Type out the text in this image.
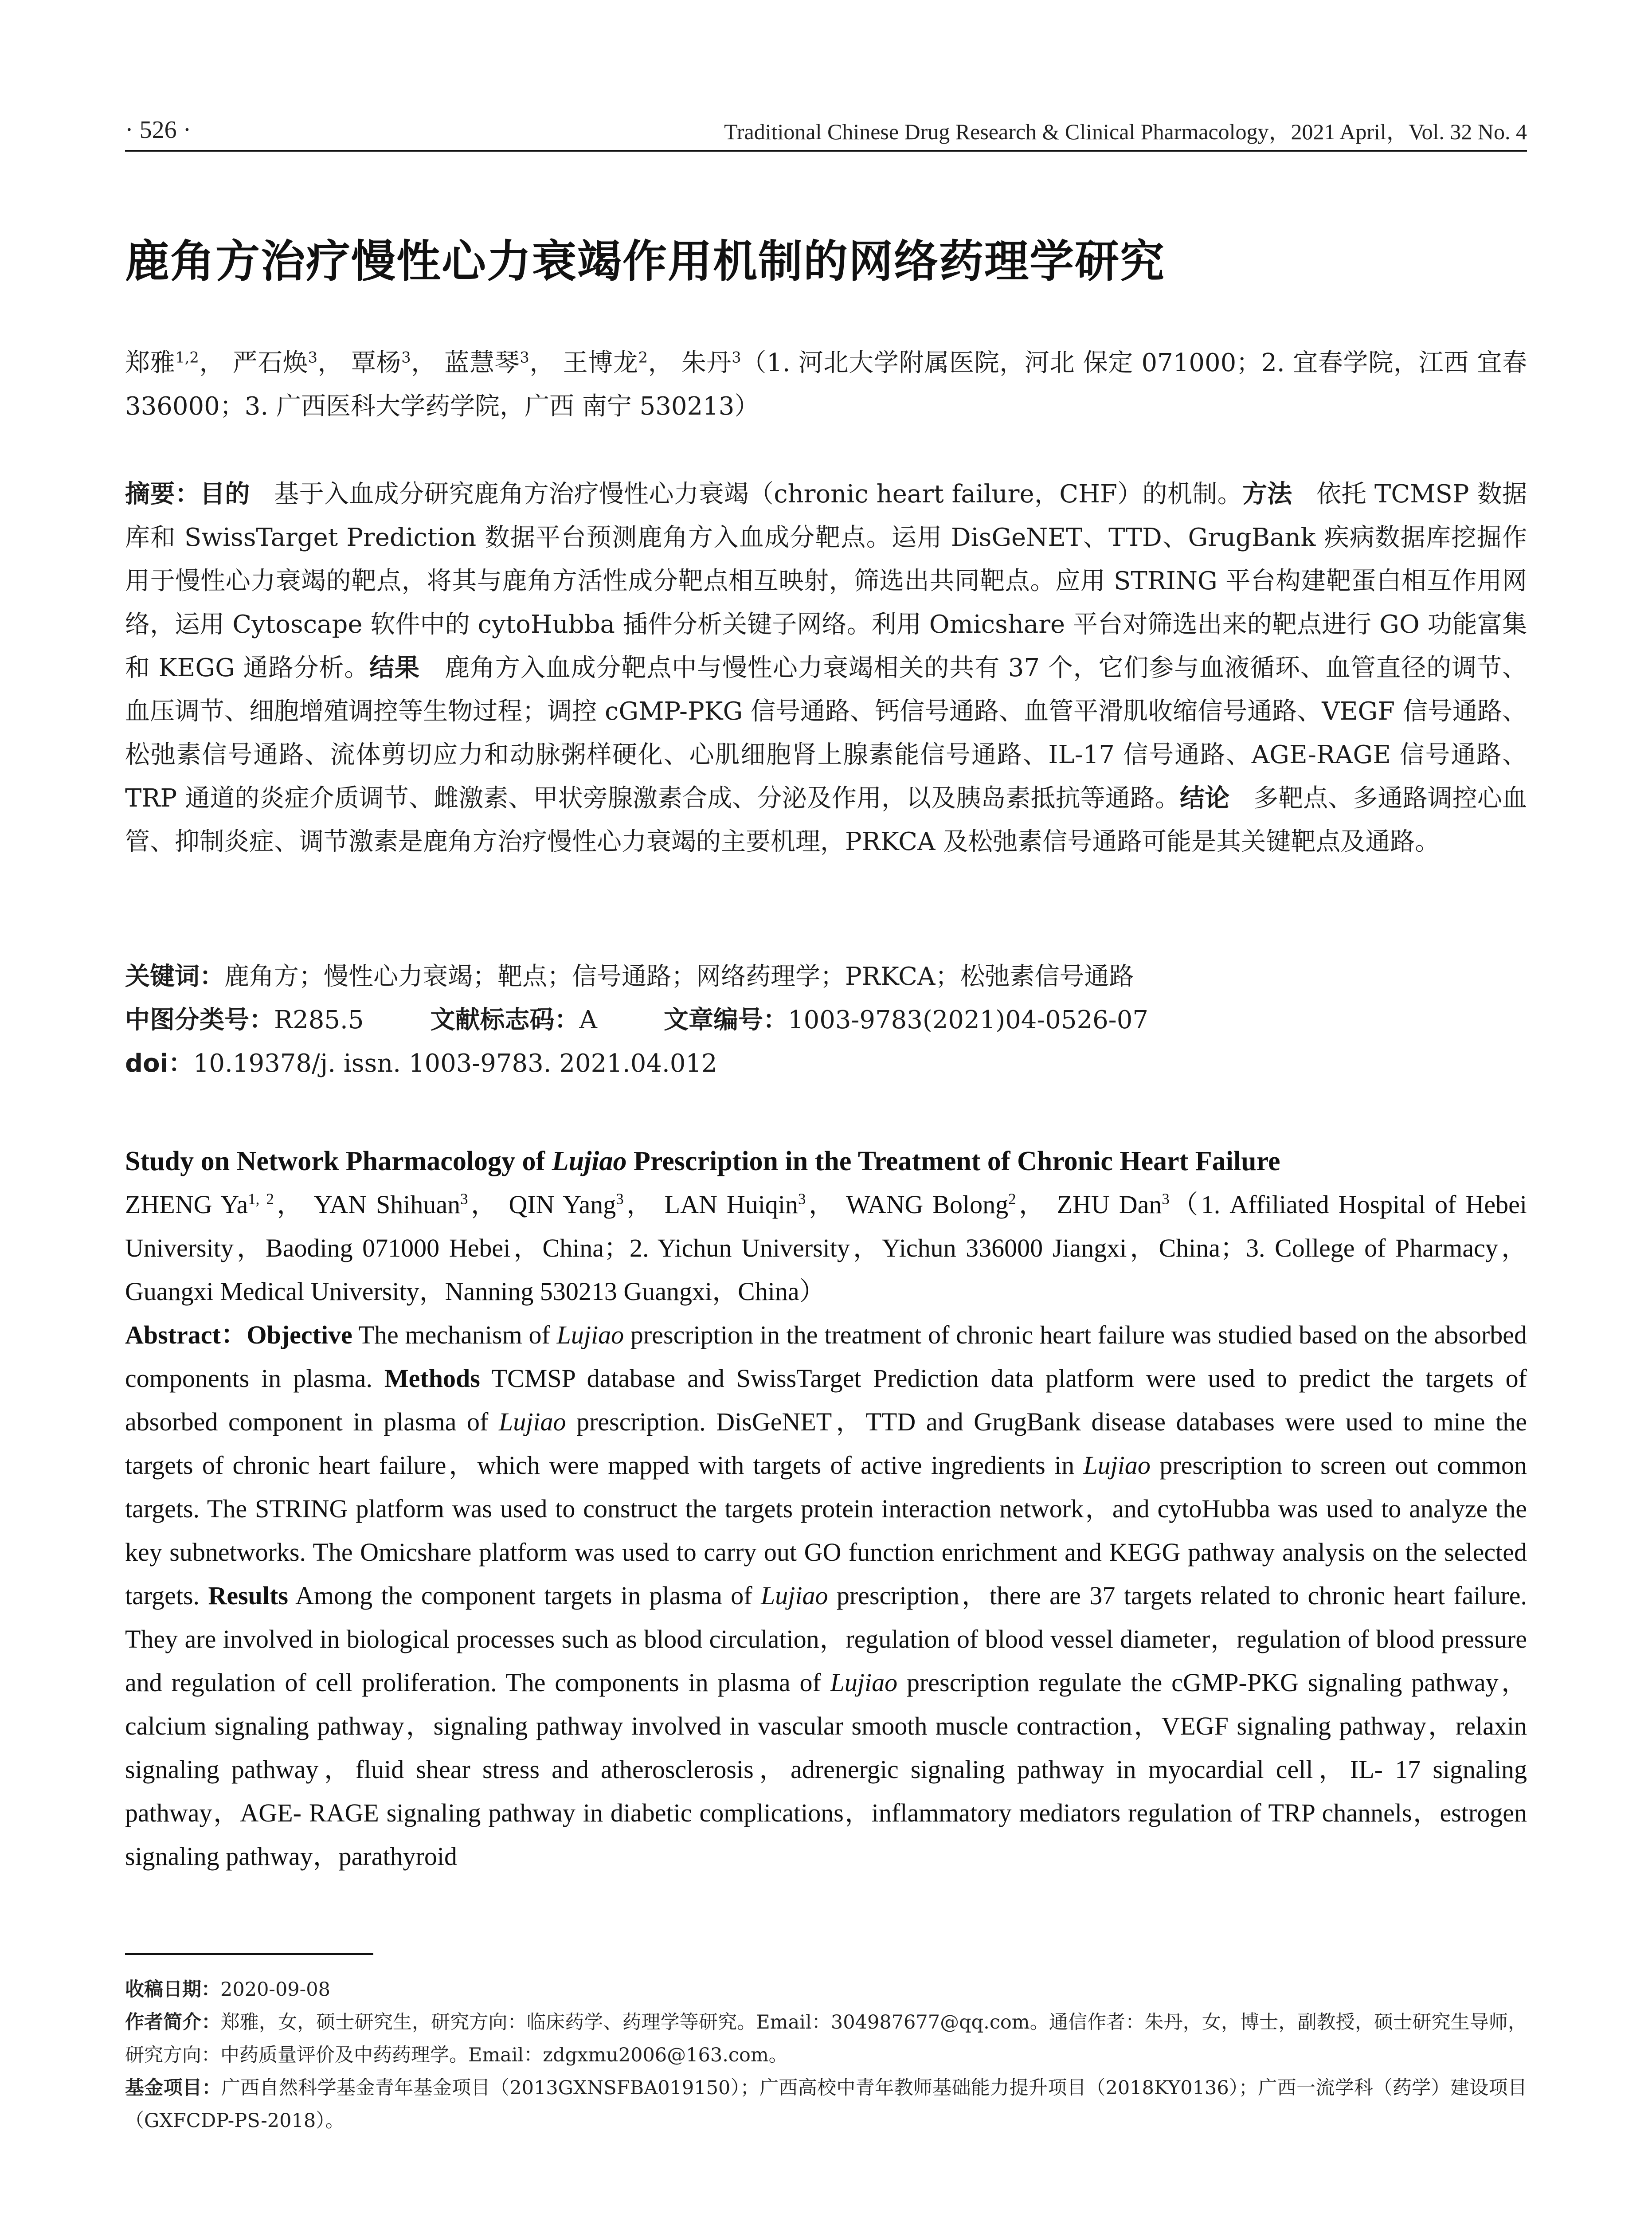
· 526 ·	Traditional Chinese Drug Research & Clinical Pharmacology，2021 April，Vol. 32 No. 4
鹿角方治疗慢性心力衰竭作用机制的网络药理学研究
郑雅$^{1,2}$， 严石焕$^3$， 覃杨$^3$， 蓝慧琴$^3$， 王博龙$^2$， 朱丹$^3$（1. 河北大学附属医院，河北 保定 071000；2. 宜春学院，江西 宜春 336000；3. 广西医科大学药学院，广西 南宁 530213）
摘要：目的 基于入血成分研究鹿角方治疗慢性心力衰竭（chronic heart failure，CHF）的机制。方法 依托 TCMSP 数据库和 SwissTarget Prediction 数据平台预测鹿角方入血成分靶点。运用 DisGeNET、TTD、GrugBank 疾病数据库挖掘作用于慢性心力衰竭的靶点，将其与鹿角方活性成分靶点相互映射，筛选出共同靶点。应用 STRING 平台构建靶蛋白相互作用网络，运用 Cytoscape 软件中的 cytoHubba 插件分析关键子网络。利用 Omicshare 平台对筛选出来的靶点进行 GO 功能富集和 KEGG 通路分析。结果 鹿角方入血成分靶点中与慢性心力衰竭相关的共有 37 个，它们参与血液循环、血管直径的调节、血压调节、细胞增殖调控等生物过程；调控 cGMP-PKG 信号通路、钙信号通路、血管平滑肌收缩信号通路、VEGF 信号通路、松弛素信号通路、流体剪切应力和动脉粥样硬化、心肌细胞肾上腺素能信号通路、IL-17 信号通路、AGE-RAGE 信号通路、TRP 通道的炎症介质调节、雌激素、甲状旁腺激素合成、分泌及作用，以及胰岛素抵抗等通路。结论 多靶点、多通路调控心血管、抑制炎症、调节激素是鹿角方治疗慢性心力衰竭的主要机理，PRKCA 及松弛素信号通路可能是其关键靶点及通路。
关键词：鹿角方；慢性心力衰竭；靶点；信号通路；网络药理学；PRKCA；松弛素信号通路
中图分类号：R285.5	文献标志码：A	文章编号：1003-9783(2021)04-0526-07
doi：10.19378/j. issn. 1003-9783. 2021.04.012
Study on Network Pharmacology of Lujiao Prescription in the Treatment of Chronic Heart Failure
ZHENG Ya$^{1, 2}$， YAN Shihuan$^3$， QIN Yang$^3$， LAN Huiqin$^3$， WANG Bolong$^2$， ZHU Dan$^3$（1. Affiliated Hospital of Hebei University，Baoding 071000 Hebei，China；2. Yichun University，Yichun 336000 Jiangxi，China；3. College of Pharmacy，Guangxi Medical University，Nanning 530213 Guangxi，China）
Abstract：Objective The mechanism of Lujiao prescription in the treatment of chronic heart failure was studied based on the absorbed components in plasma. Methods TCMSP database and SwissTarget Prediction data platform were used to predict the targets of absorbed component in plasma of Lujiao prescription. DisGeNET，TTD and GrugBank disease databases were used to mine the targets of chronic heart failure，which were mapped with targets of active ingredients in Lujiao prescription to screen out common targets. The STRING platform was used to construct the targets protein interaction network，and cytoHubba was used to analyze the key subnetworks. The Omicshare platform was used to carry out GO function enrichment and KEGG pathway analysis on the selected targets. Results Among the component targets in plasma of Lujiao prescription，there are 37 targets related to chronic heart failure. They are involved in biological processes such as blood circulation，regulation of blood vessel diameter，regulation of blood pressure and regulation of cell proliferation. The components in plasma of Lujiao prescription regulate the cGMP-PKG signaling pathway，calcium signaling pathway，signaling pathway involved in vascular smooth muscle contraction，VEGF signaling pathway，relaxin signaling pathway，fluid shear stress and atherosclerosis，adrenergic signaling pathway in myocardial cell，IL- 17 signaling pathway，AGE- RAGE signaling pathway in diabetic complications，inflammatory mediators regulation of TRP channels，estrogen signaling pathway，parathyroid

收稿日期：2020-09-08

作者简介：郑雅，女，硕士研究生，研究方向：临床药学、药理学等研究。Email：304987677@qq.com。通信作者：朱丹，女，博士，副教授，硕士研究生导师，研究方向：中药质量评价及中药药理学。Email：zdgxmu2006@163.com。

基金项目：广西自然科学基金青年基金项目（2013GXNSFBA019150）；广西高校中青年教师基础能力提升项目（2018KY0136）；广西一流学科（药学）建设项目（GXFCDP-PS-2018）。
